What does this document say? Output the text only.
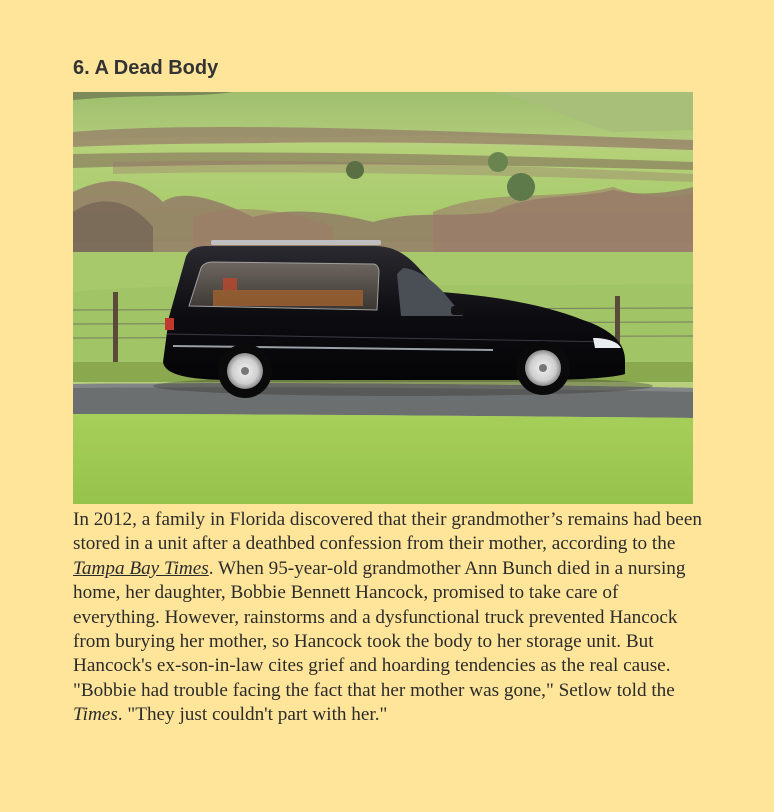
6. A Dead Body

In 2012, a family in Florida discovered that their grandmother’s remains had been stored in a unit after a deathbed confession from their mother, according to the Tampa Bay Times. When 95-year-old grandmother Ann Bunch died in a nursing home, her daughter, Bobbie Bennett Hancock, promised to take care of everything. However, rainstorms and a dysfunctional truck prevented Hancock from burying her mother, so Hancock took the body to her storage unit. But Hancock's ex-son-in-law cites grief and hoarding tendencies as the real cause. "Bobbie had trouble facing the fact that her mother was gone," Setlow told the Times. "They just couldn't part with her."
